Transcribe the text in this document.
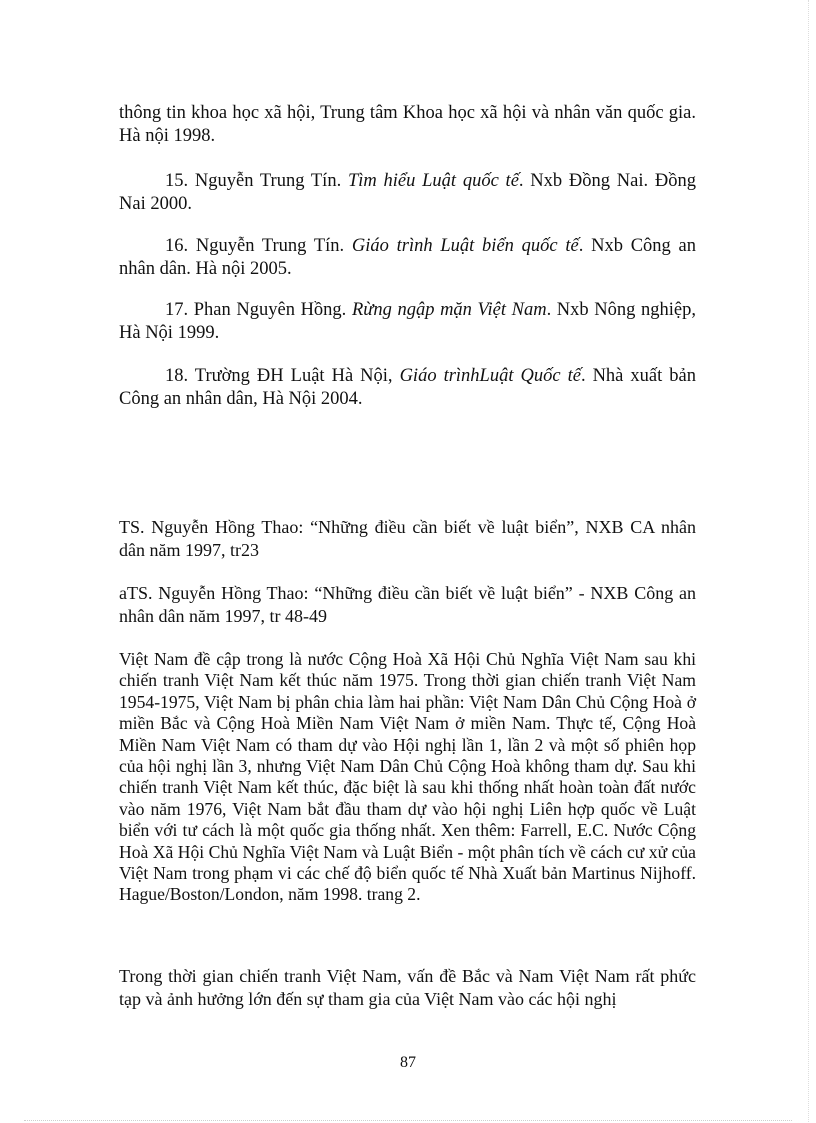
thông tin khoa học xã hội, Trung tâm Khoa học xã hội và nhân văn quốc gia. Hà nội 1998.

15. Nguyễn Trung Tín. Tìm hiểu Luật quốc tế. Nxb Đồng Nai. Đồng Nai 2000.

16. Nguyễn Trung Tín. Giáo trình Luật biển quốc tế. Nxb Công an nhân dân. Hà nội 2005.

17. Phan Nguyên Hồng. Rừng ngập mặn Việt Nam. Nxb Nông nghiệp, Hà Nội 1999.

18. Trường ĐH Luật Hà Nội, Giáo trìnhLuật Quốc tế. Nhà xuất bản Công an nhân dân, Hà Nội 2004.

TS. Nguyễn Hồng Thao: “Những điều cần biết về luật biển”, NXB CA nhân dân năm 1997, tr23

aTS. Nguyễn Hồng Thao: “Những điều cần biết về luật biển” - NXB Công an nhân dân năm 1997, tr 48-49

Việt Nam đề cập trong là nước Cộng Hoà Xã Hội Chủ Nghĩa Việt Nam sau khi chiến tranh Việt Nam kết thúc năm 1975. Trong thời gian chiến tranh Việt Nam 1954-1975, Việt Nam bị phân chia làm hai phần: Việt Nam Dân Chủ Cộng Hoà ở miền Bắc và Cộng Hoà Miền Nam Việt Nam ở miền Nam. Thực tế, Cộng Hoà Miền Nam Việt Nam có tham dự vào Hội nghị lần 1, lần 2 và một số phiên họp của hội nghị lần 3, nhưng Việt Nam Dân Chủ Cộng Hoà không tham dự. Sau khi chiến tranh Việt Nam kết thúc, đặc biệt là sau khi thống nhất hoàn toàn đất nước vào năm 1976, Việt Nam bắt đầu tham dự vào hội nghị Liên hợp quốc về Luật biển với tư cách là một quốc gia thống nhất. Xen thêm: Farrell, E.C. Nước Cộng Hoà Xã Hội Chủ Nghĩa Việt Nam và Luật Biển - một phân tích về cách cư xử của Việt Nam trong phạm vi các chế độ biển quốc tế Nhà Xuất bản Martinus Nijhoff. Hague/Boston/London, năm 1998. trang 2.

Trong thời gian chiến tranh Việt Nam, vấn đề Bắc và Nam Việt Nam rất phức tạp và ảnh hưởng lớn đến sự tham gia của Việt Nam vào các hội nghị

87
